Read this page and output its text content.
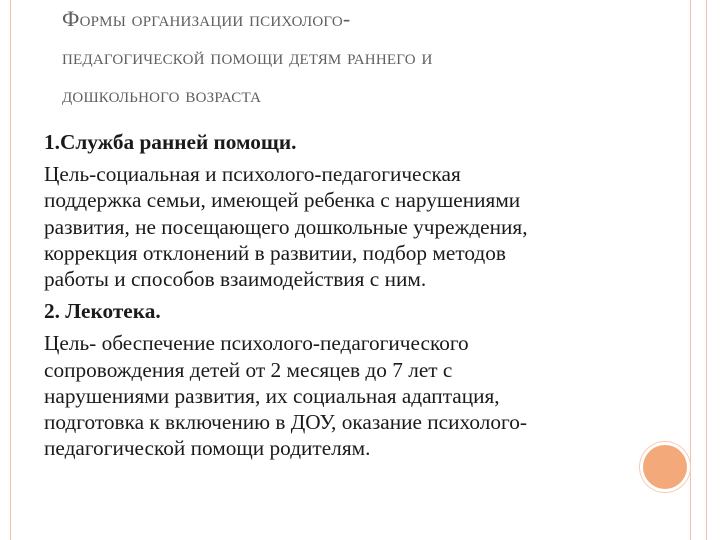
Формы организации психолого-
педагогической помощи детям раннего и
дошкольного возраста
1.Служба ранней помощи.
Цель-социальная и психолого-педагогическая
поддержка семьи, имеющей ребенка с нарушениями
развития, не посещающего дошкольные учреждения,
коррекция отклонений в развитии, подбор методов
работы и способов взаимодействия с ним.
2. Лекотека.
Цель- обеспечение психолого-педагогического
сопровождения детей от 2 месяцев до 7 лет с
нарушениями развития, их социальная адаптация,
подготовка к включению в ДОУ, оказание психолого-
педагогической помощи родителям.
